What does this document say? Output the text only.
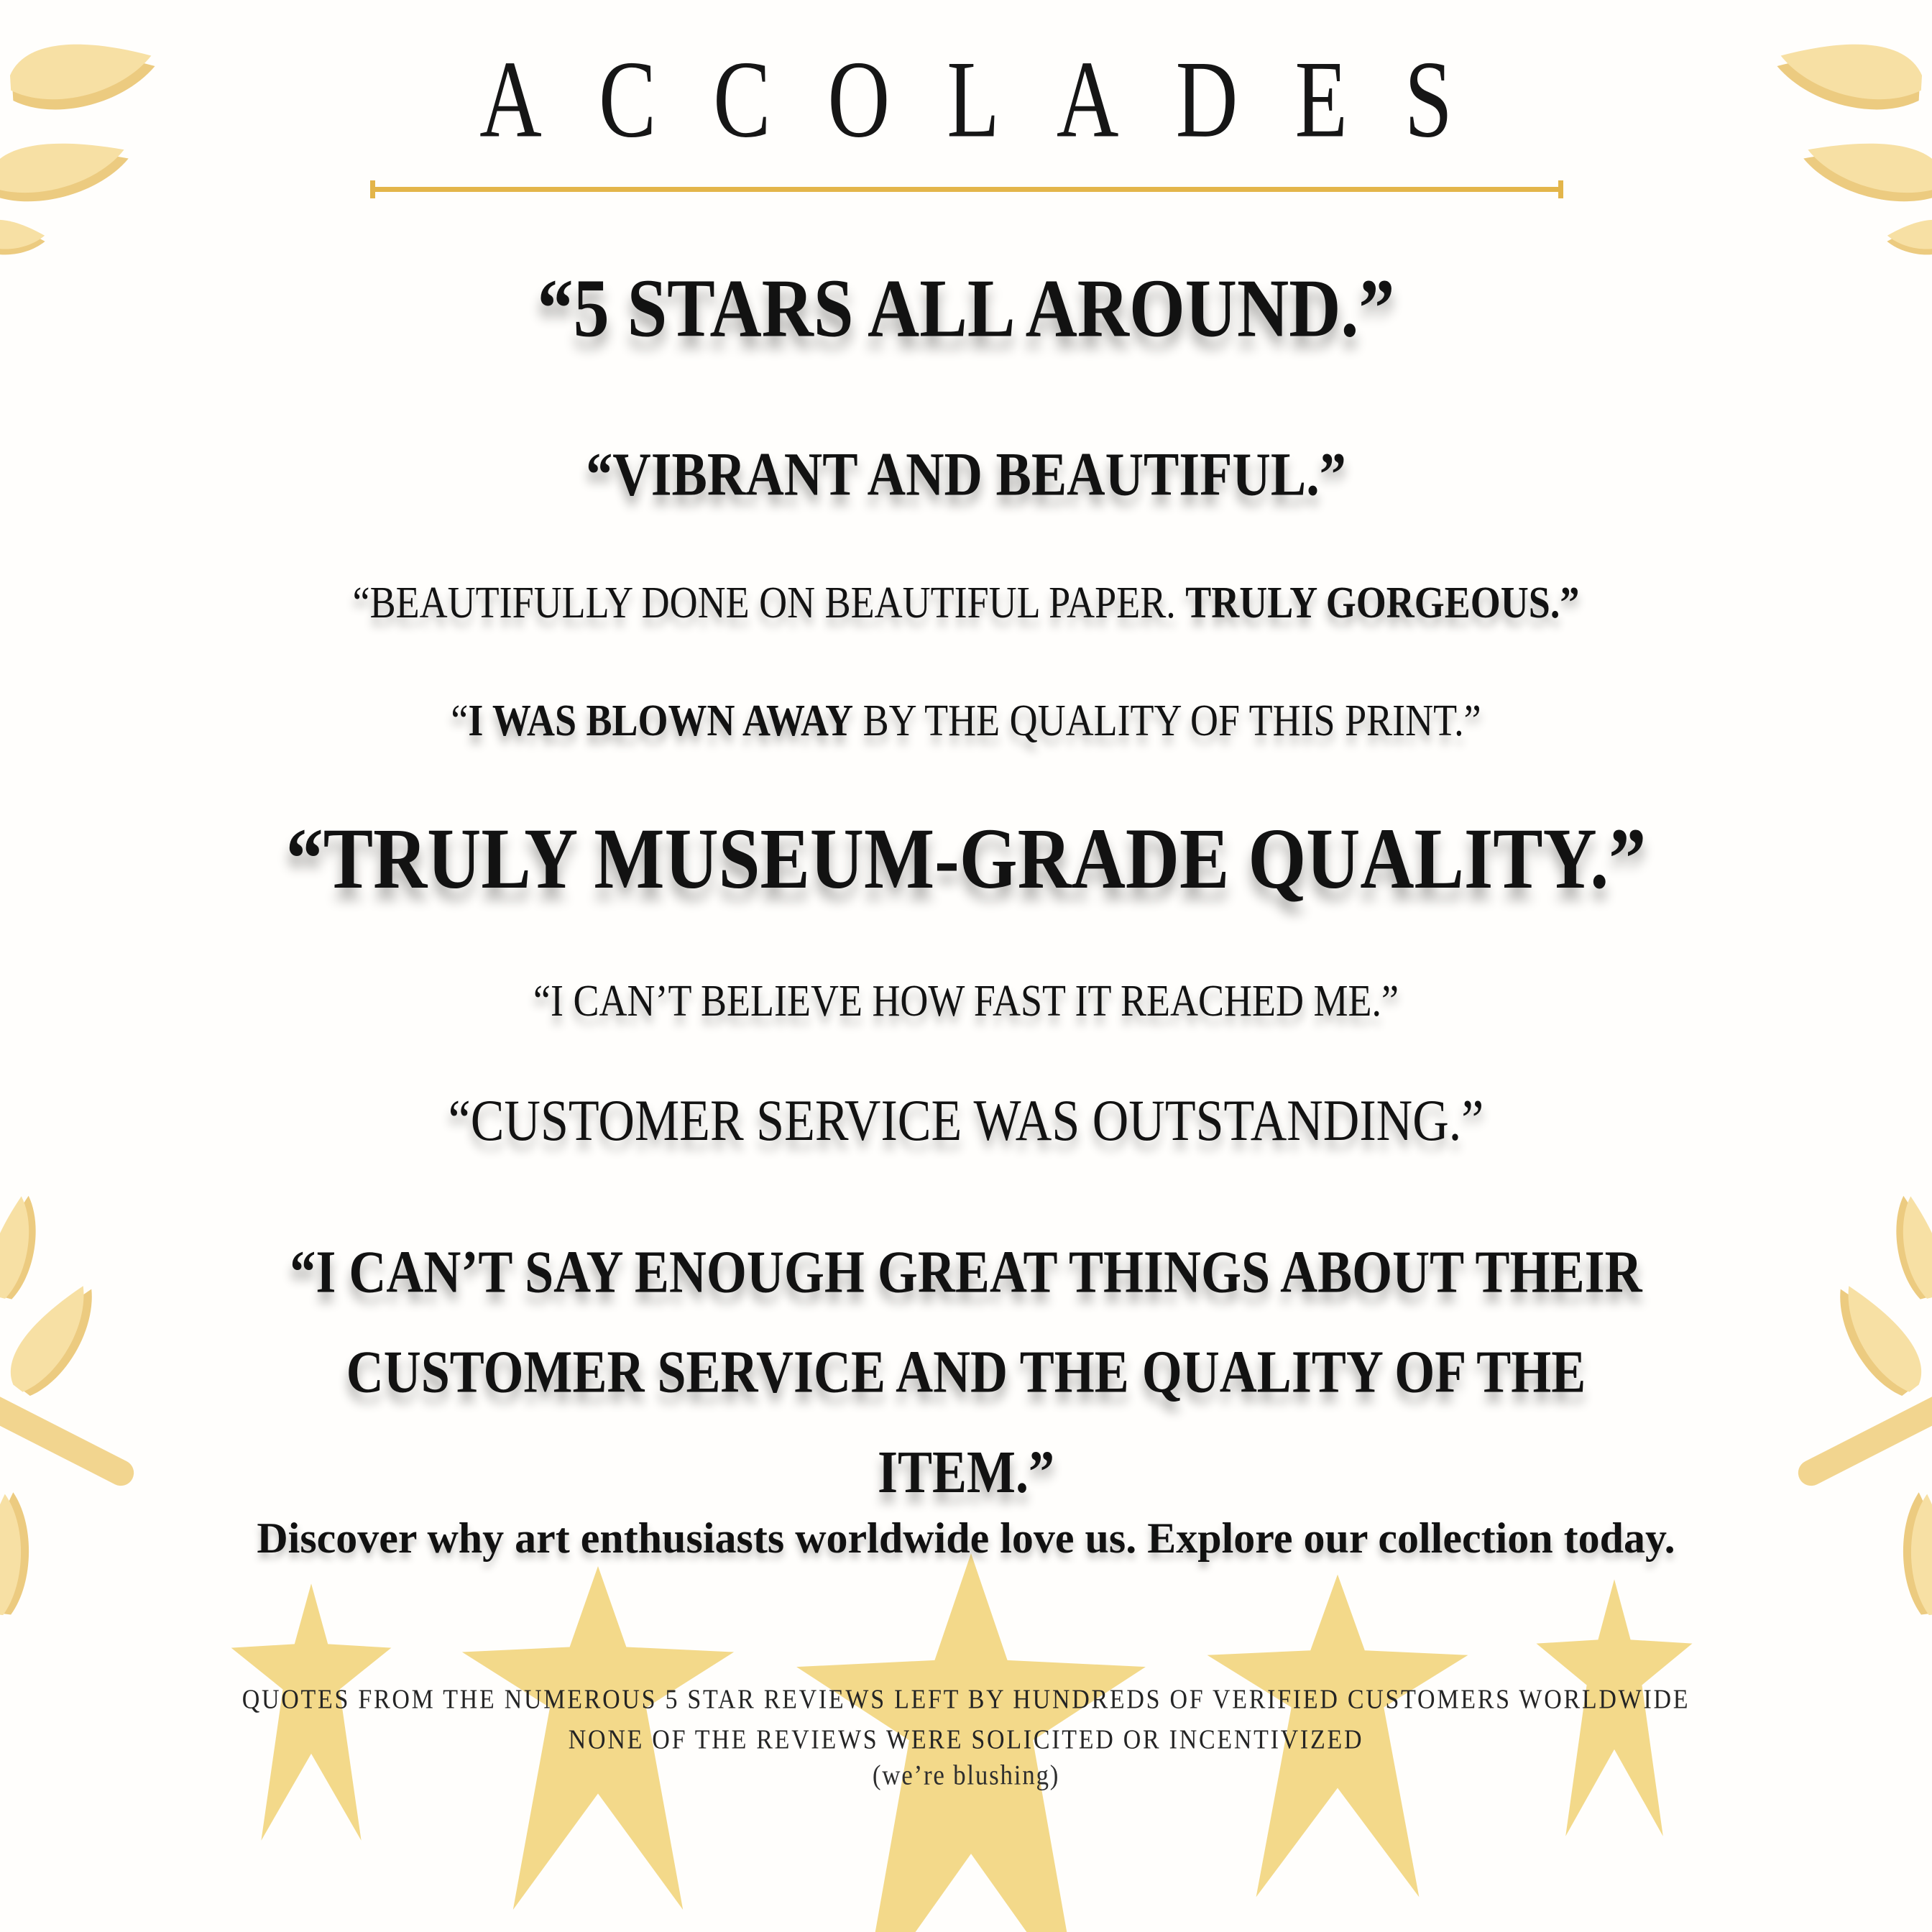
ACCOLADES

“5 STARS ALL AROUND.”

“VIBRANT AND BEAUTIFUL.”

“BEAUTIFULLY DONE ON BEAUTIFUL PAPER. TRULY GORGEOUS.”

“I WAS BLOWN AWAY BY THE QUALITY OF THIS PRINT.”

“TRULY MUSEUM-GRADE QUALITY.”

“I CAN’T BELIEVE HOW FAST IT REACHED ME.”

“CUSTOMER SERVICE WAS OUTSTANDING.”

“I CAN’T SAY ENOUGH GREAT THINGS ABOUT THEIR
CUSTOMER SERVICE AND THE QUALITY OF THE
ITEM.”

Discover why art enthusiasts worldwide love us. Explore our collection today.

QUOTES FROM THE NUMEROUS 5 STAR REVIEWS LEFT BY HUNDREDS OF VERIFIED CUSTOMERS WORLDWIDE

NONE OF THE REVIEWS WERE SOLICITED OR INCENTIVIZED

(we’re blushing)
